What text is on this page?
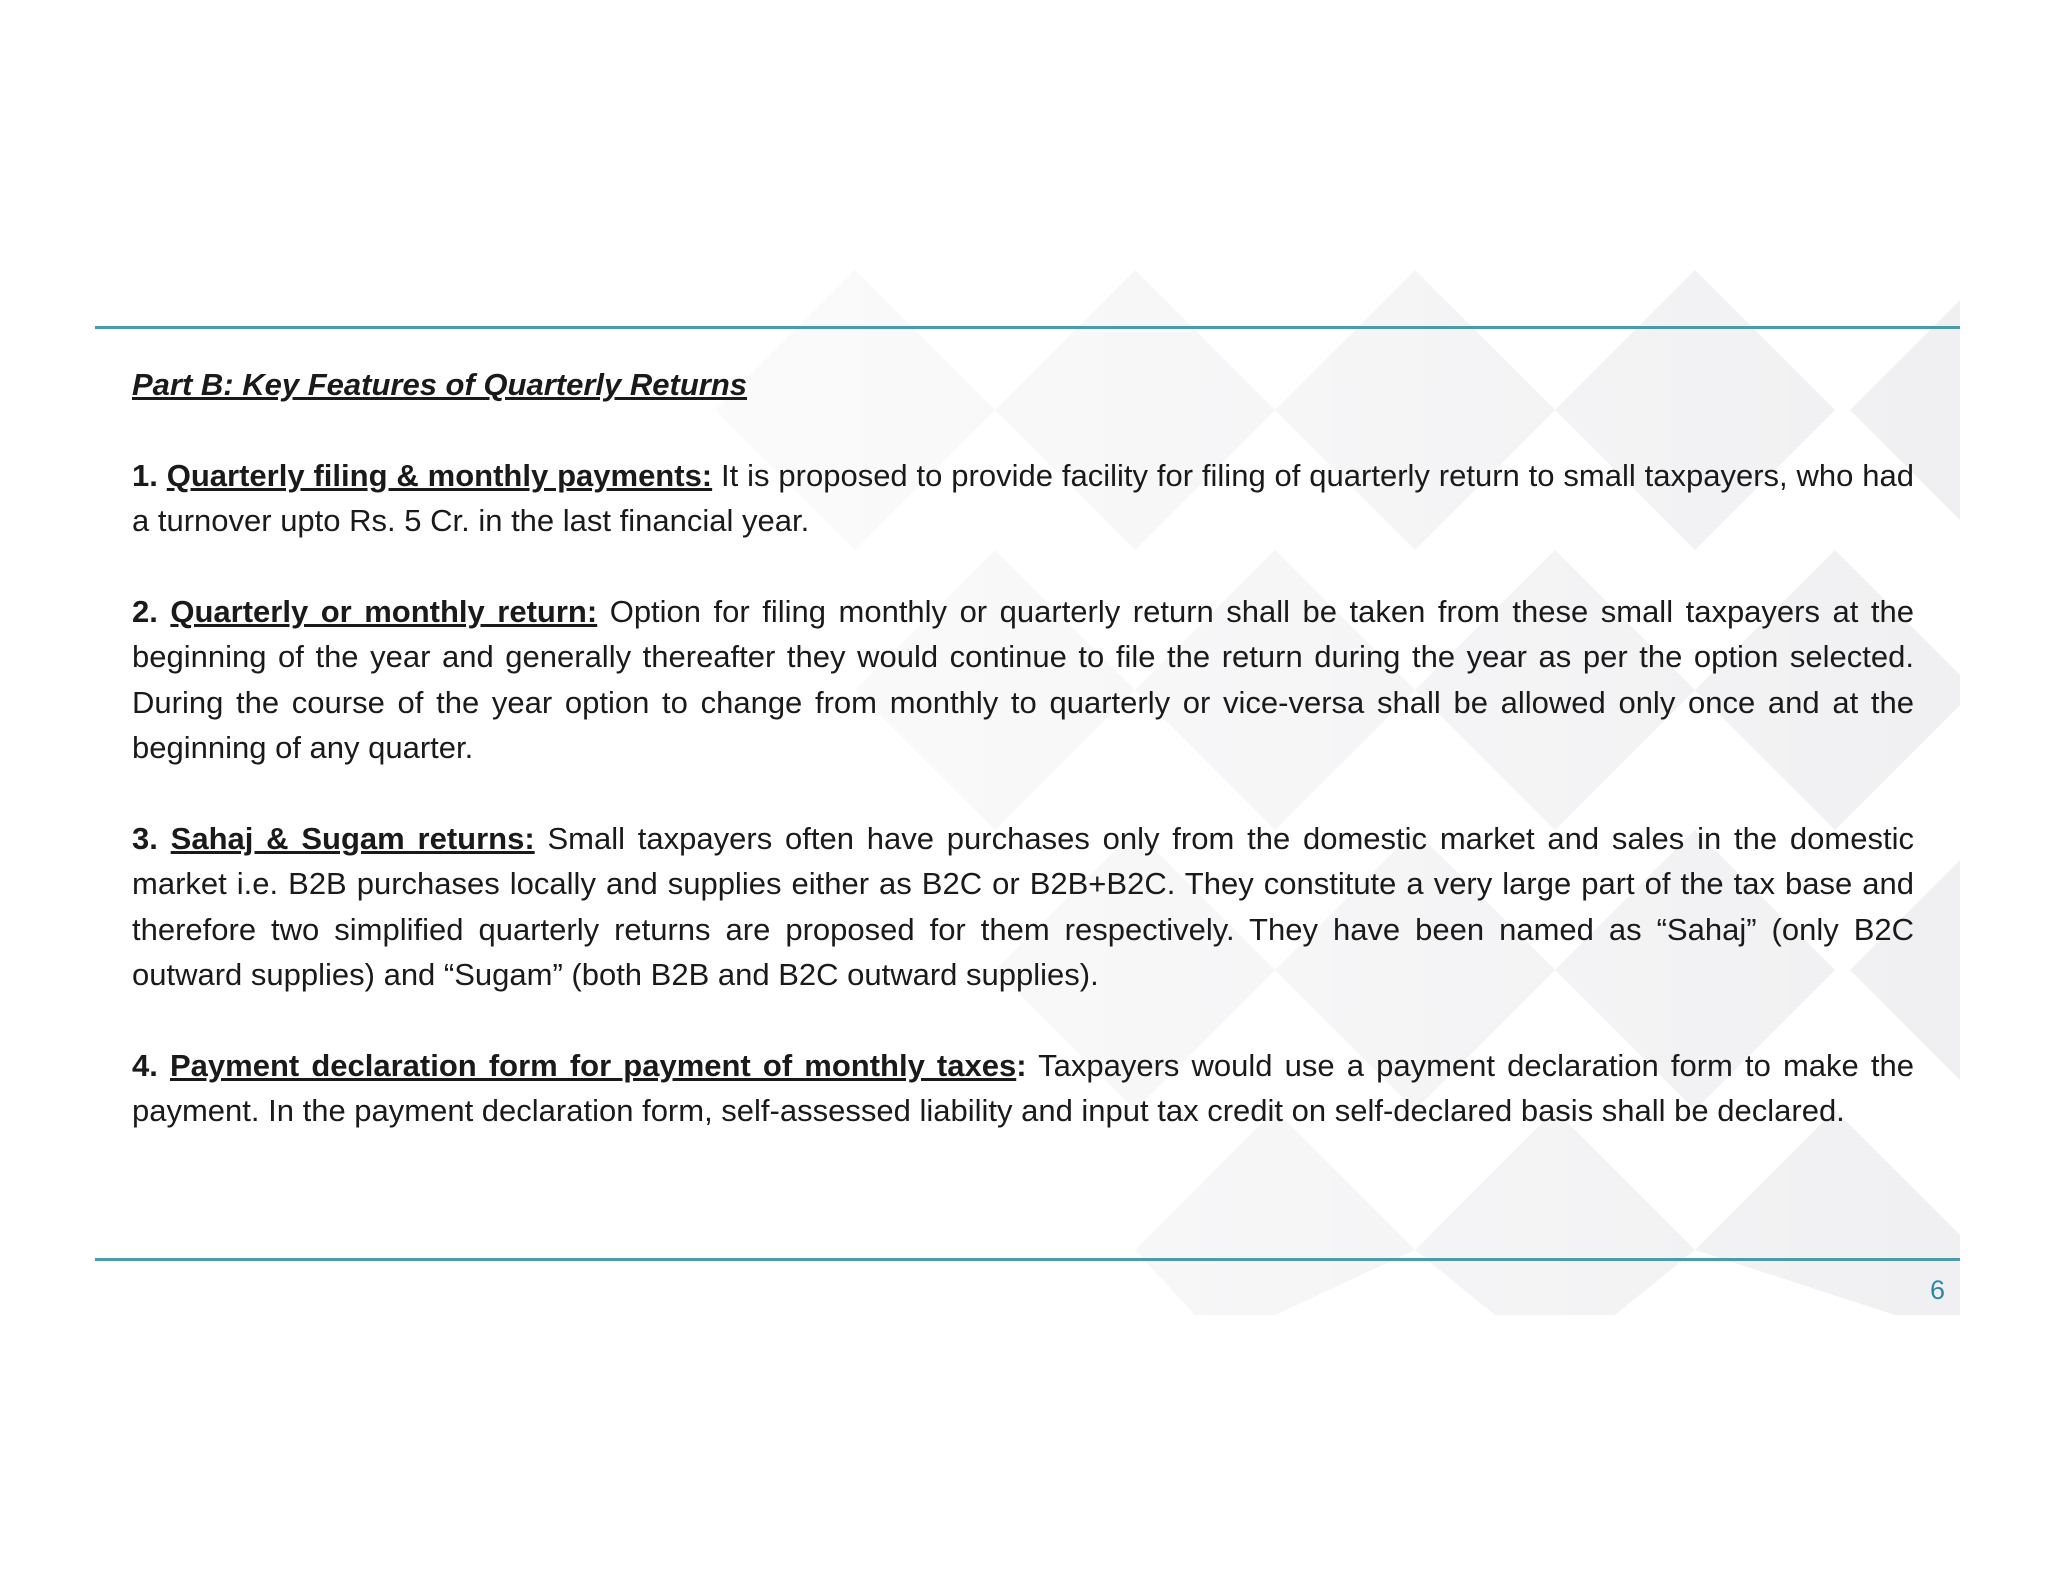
Part B: Key Features of Quarterly Returns

1. Quarterly filing & monthly payments: It is proposed to provide facility for filing of quarterly return to small taxpayers, who had a turnover upto Rs. 5 Cr. in the last financial year.

2. Quarterly or monthly return: Option for filing monthly or quarterly return shall be taken from these small taxpayers at the beginning of the year and generally thereafter they would continue to file the return during the year as per the option selected. During the course of the year option to change from monthly to quarterly or vice-versa shall be allowed only once and at the beginning of any quarter.

3. Sahaj & Sugam returns: Small taxpayers often have purchases only from the domestic market and sales in the domestic market i.e. B2B purchases locally and supplies either as B2C or B2B+B2C. They constitute a very large part of the tax base and therefore two simplified quarterly returns are proposed for them respectively. They have been named as “Sahaj” (only B2C outward supplies) and “Sugam” (both B2B and B2C outward supplies).

4. Payment declaration form for payment of monthly taxes: Taxpayers would use a payment declaration form to make the payment. In the payment declaration form, self-assessed liability and input tax credit on self-declared basis shall be declared.

6
